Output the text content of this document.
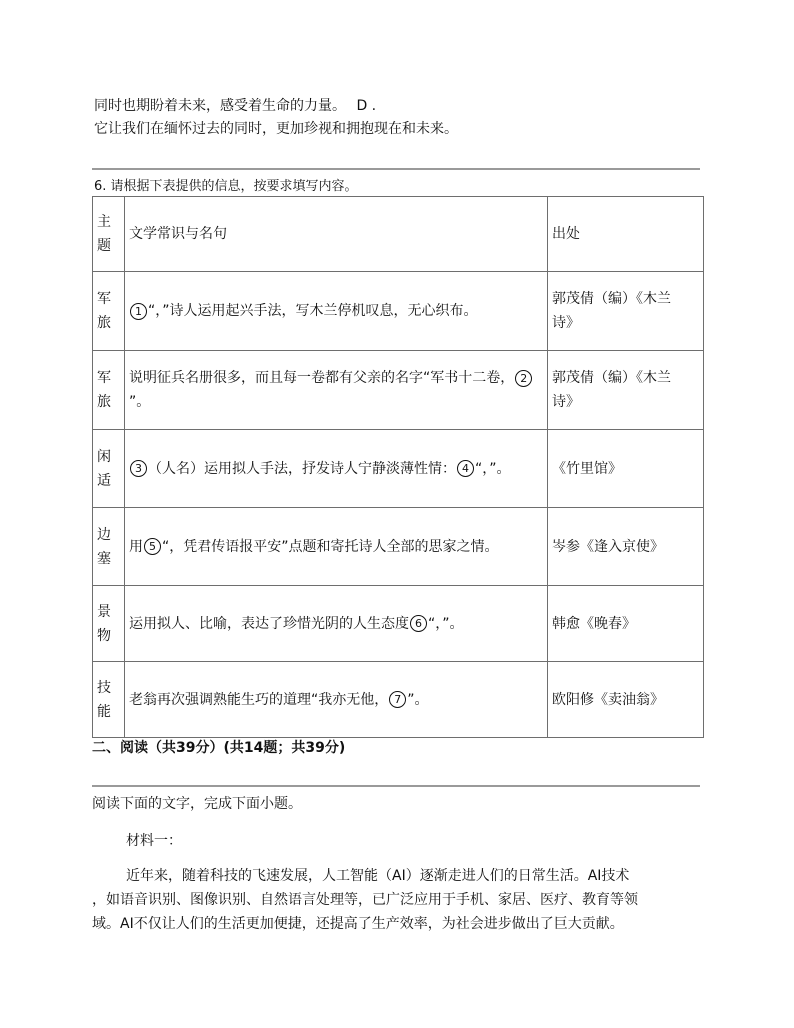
同时也期盼着未来，感受着生命的力量。 D .
它让我们在缅怀过去的同时，更加珍视和拥抱现在和未来。
6. 请根据下表提供的信息，按要求填写内容。
主
题	文学常识与名句	出处
军
旅	1 “，”诗人运用起兴手法，写木兰停机叹息，无心织布。	郭茂倩（编）《木兰
诗》
军
旅	说明征兵名册很多，而且每一卷都有父亲的名字“军书十二卷， 2”。	郭茂倩（编）《木兰
诗》
闲
适	3 （人名）运用拟人手法，抒发诗人宁静淡薄性情： 4 “，”。	《竹里馆》
边
塞	用 5 “，凭君传语报平安”点题和寄托诗人全部的思家之情。	岑参《逢入京使》
景
物	运用拟人、比喻，表达了珍惜光阴的人生态度 6 “，”。	韩愈《晚春》
技
能	老翁再次强调熟能生巧的道理“我亦无他， 7 ”。	欧阳修《卖油翁》
二、阅读（共39分）(共14题；共39分)
阅读下面的文字，完成下面小题。
材料一：
近年来，随着科技的飞速发展，人工智能（AI）逐渐走进人们的日常生活。AI技术
，如语音识别、图像识别、自然语言处理等，已广泛应用于手机、家居、医疗、教育等领
域。AI不仅让人们的生活更加便捷，还提高了生产效率，为社会进步做出了巨大贡献。
